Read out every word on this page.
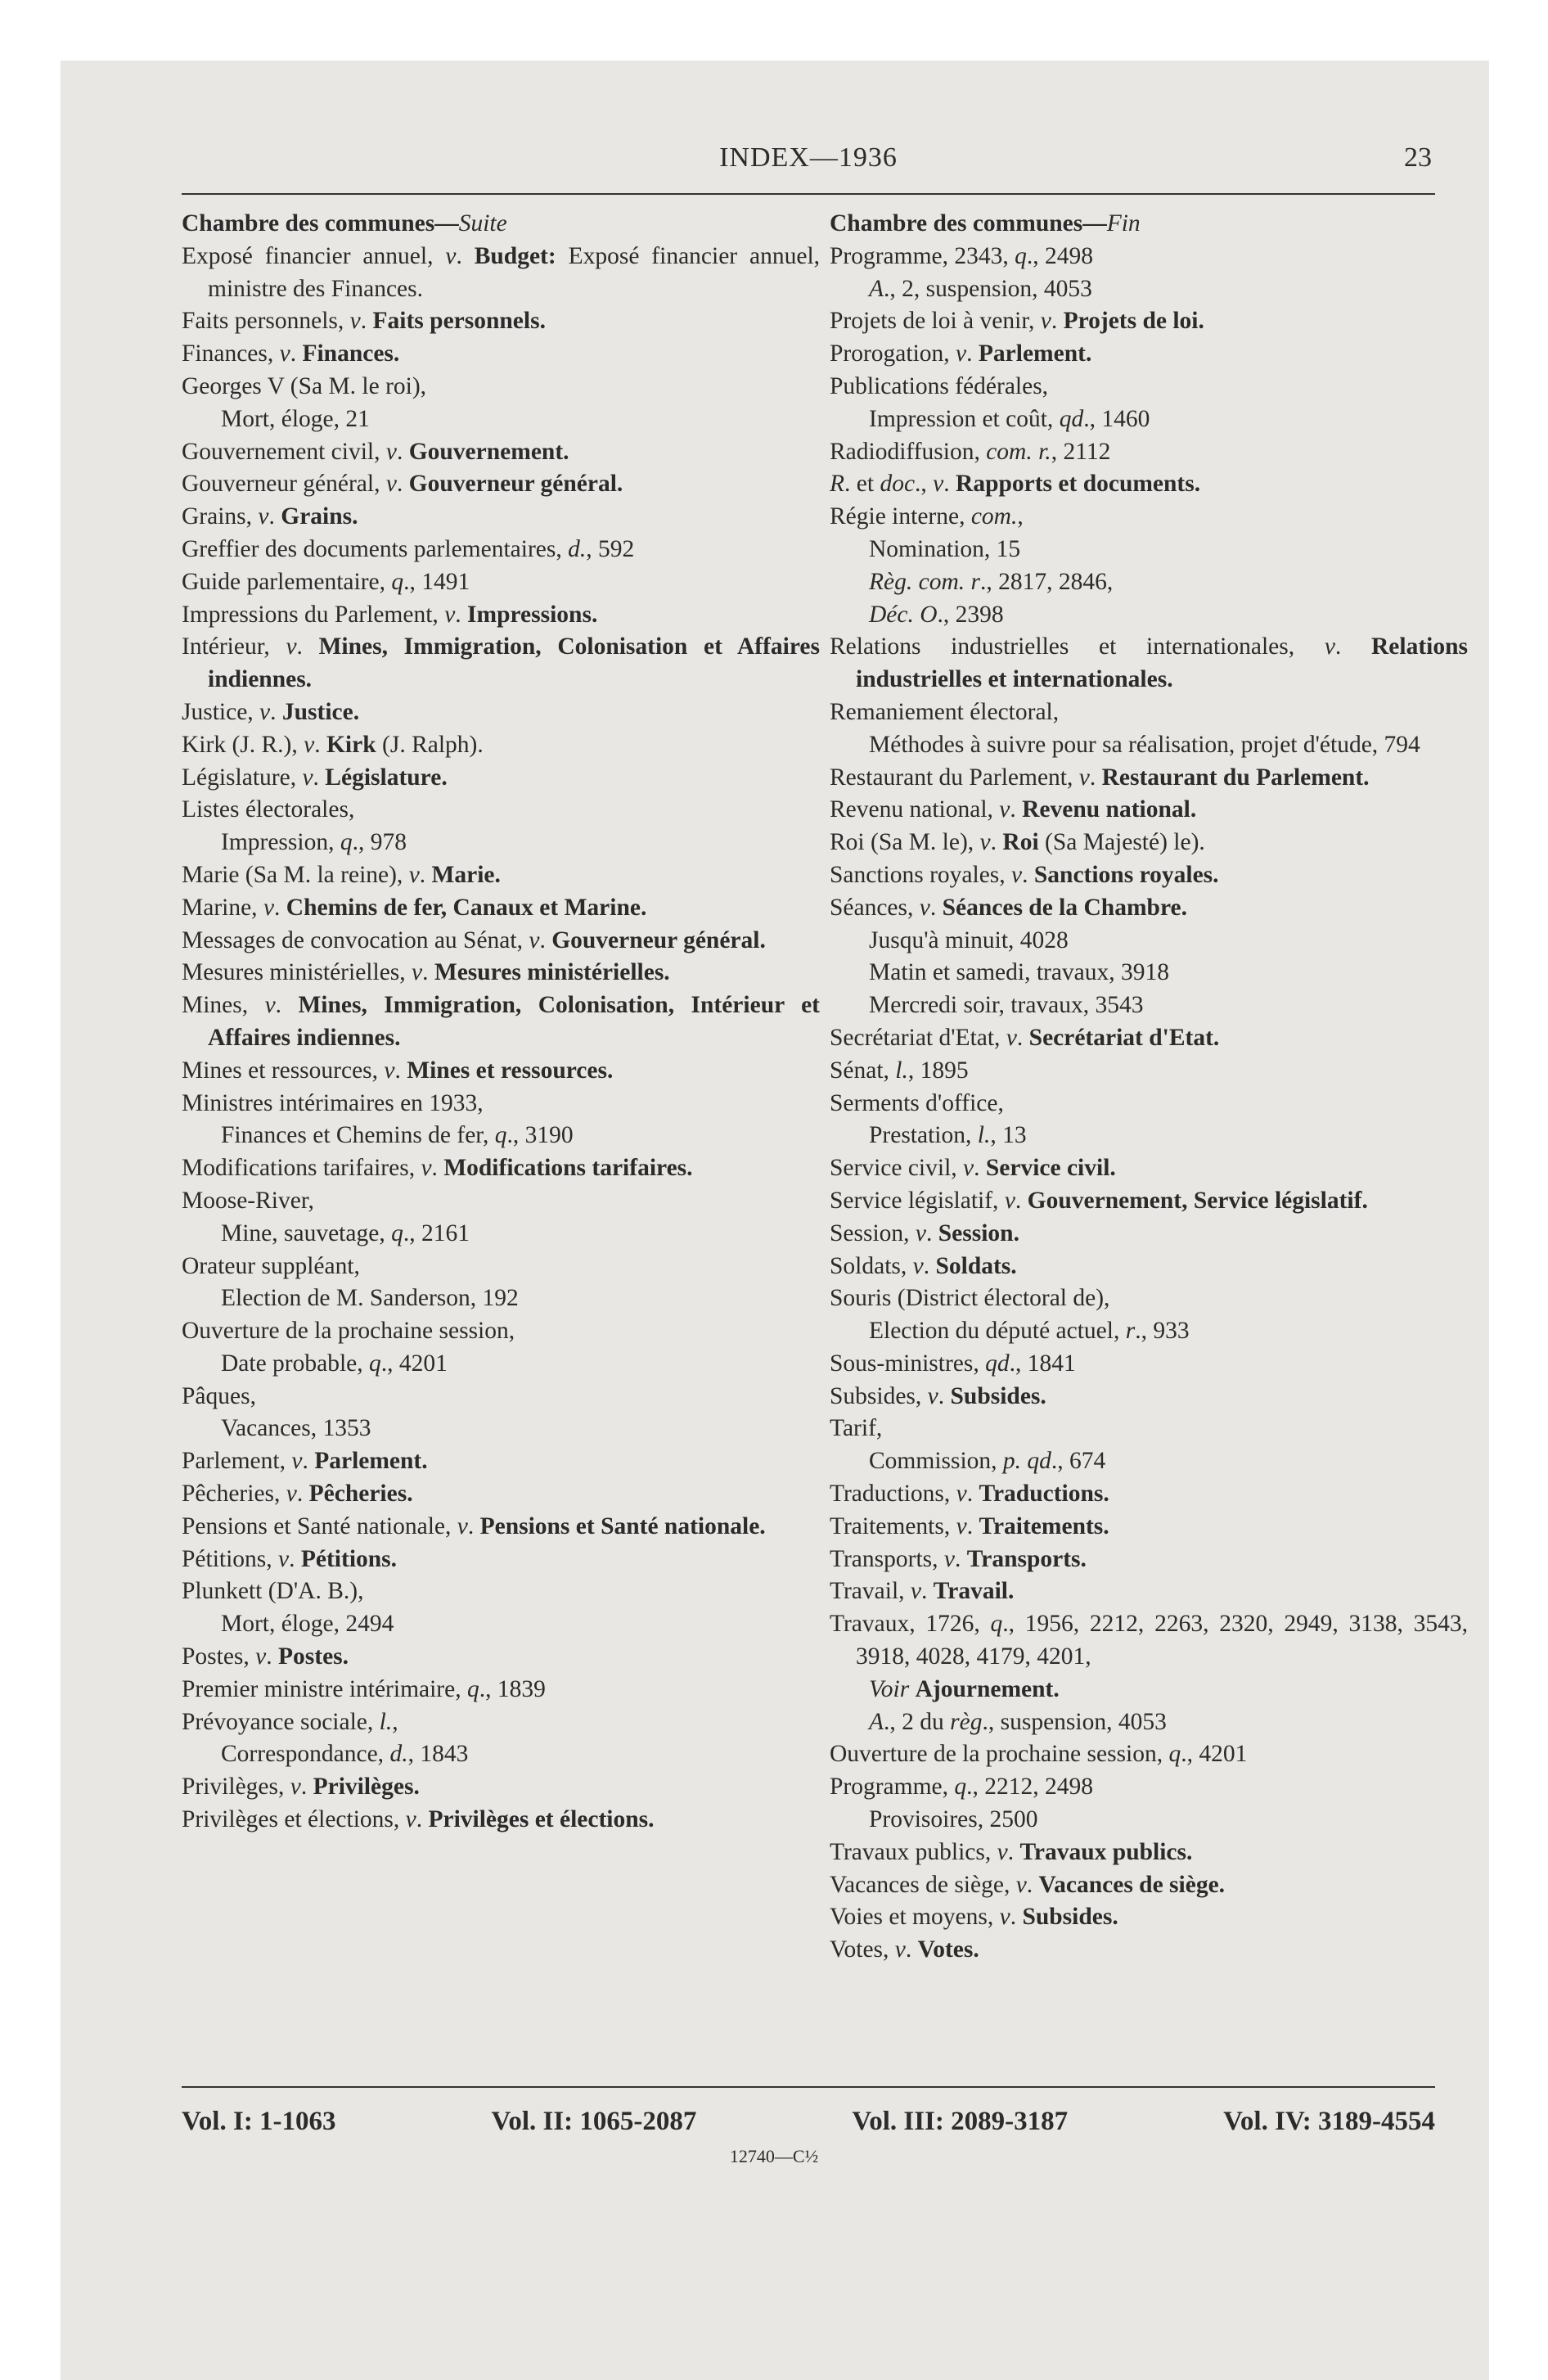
INDEX—1936	23

Chambre des communes—Suite

Exposé financier annuel, v. Budget: Exposé financier annuel, ministre des Finances.

Faits personnels, v. Faits personnels.

Finances, v. Finances.

Georges V (Sa M. le roi),

Mort, éloge, 21

Gouvernement civil, v. Gouvernement.

Gouverneur général, v. Gouverneur général.

Grains, v. Grains.

Greffier des documents parlementaires, d., 592

Guide parlementaire, q., 1491

Impressions du Parlement, v. Impressions.

Intérieur, v. Mines, Immigration, Colonisation et Affaires indiennes.

Justice, v. Justice.

Kirk (J. R.), v. Kirk (J. Ralph).

Législature, v. Législature.

Listes électorales,

Impression, q., 978

Marie (Sa M. la reine), v. Marie.

Marine, v. Chemins de fer, Canaux et Marine.

Messages de convocation au Sénat, v. Gouverneur général.

Mesures ministérielles, v. Mesures ministérielles.

Mines, v. Mines, Immigration, Colonisation, Intérieur et Affaires indiennes.

Mines et ressources, v. Mines et ressources.

Ministres intérimaires en 1933,

Finances et Chemins de fer, q., 3190

Modifications tarifaires, v. Modifications tarifaires.

Moose-River,

Mine, sauvetage, q., 2161

Orateur suppléant,

Election de M. Sanderson, 192

Ouverture de la prochaine session,

Date probable, q., 4201

Pâques,

Vacances, 1353

Parlement, v. Parlement.

Pêcheries, v. Pêcheries.

Pensions et Santé nationale, v. Pensions et Santé nationale.

Pétitions, v. Pétitions.

Plunkett (D'A. B.),

Mort, éloge, 2494

Postes, v. Postes.

Premier ministre intérimaire, q., 1839

Prévoyance sociale, l.,

Correspondance, d., 1843

Privilèges, v. Privilèges.

Privilèges et élections, v. Privilèges et élections.

Chambre des communes—Fin

Programme, 2343, q., 2498

A., 2, suspension, 4053

Projets de loi à venir, v. Projets de loi.

Prorogation, v. Parlement.

Publications fédérales,

Impression et coût, qd., 1460

Radiodiffusion, com. r., 2112

R. et doc., v. Rapports et documents.

Régie interne, com.,

Nomination, 15

Règ. com. r., 2817, 2846,

Déc. O., 2398

Relations industrielles et internationales, v. Relations industrielles et internationales.

Remaniement électoral,

Méthodes à suivre pour sa réalisation, projet d'étude, 794

Restaurant du Parlement, v. Restaurant du Parlement.

Revenu national, v. Revenu national.

Roi (Sa M. le), v. Roi (Sa Majesté) le).

Sanctions royales, v. Sanctions royales.

Séances, v. Séances de la Chambre.

Jusqu'à minuit, 4028

Matin et samedi, travaux, 3918

Mercredi soir, travaux, 3543

Secrétariat d'Etat, v. Secrétariat d'Etat.

Sénat, l., 1895

Serments d'office,

Prestation, l., 13

Service civil, v. Service civil.

Service législatif, v. Gouvernement, Service législatif.

Session, v. Session.

Soldats, v. Soldats.

Souris (District électoral de),

Election du député actuel, r., 933

Sous-ministres, qd., 1841

Subsides, v. Subsides.

Tarif,

Commission, p. qd., 674

Traductions, v. Traductions.

Traitements, v. Traitements.

Transports, v. Transports.

Travail, v. Travail.

Travaux, 1726, q., 1956, 2212, 2263, 2320, 2949, 3138, 3543, 3918, 4028, 4179, 4201,

Voir Ajournement.

A., 2 du règ., suspension, 4053

Ouverture de la prochaine session, q., 4201

Programme, q., 2212, 2498

Provisoires, 2500

Travaux publics, v. Travaux publics.

Vacances de siège, v. Vacances de siège.

Voies et moyens, v. Subsides.

Votes, v. Votes.

Vol. I: 1-1063	Vol. II: 1065-2087	Vol. III: 2089-3187	Vol. IV: 3189-4554
12740—C½
